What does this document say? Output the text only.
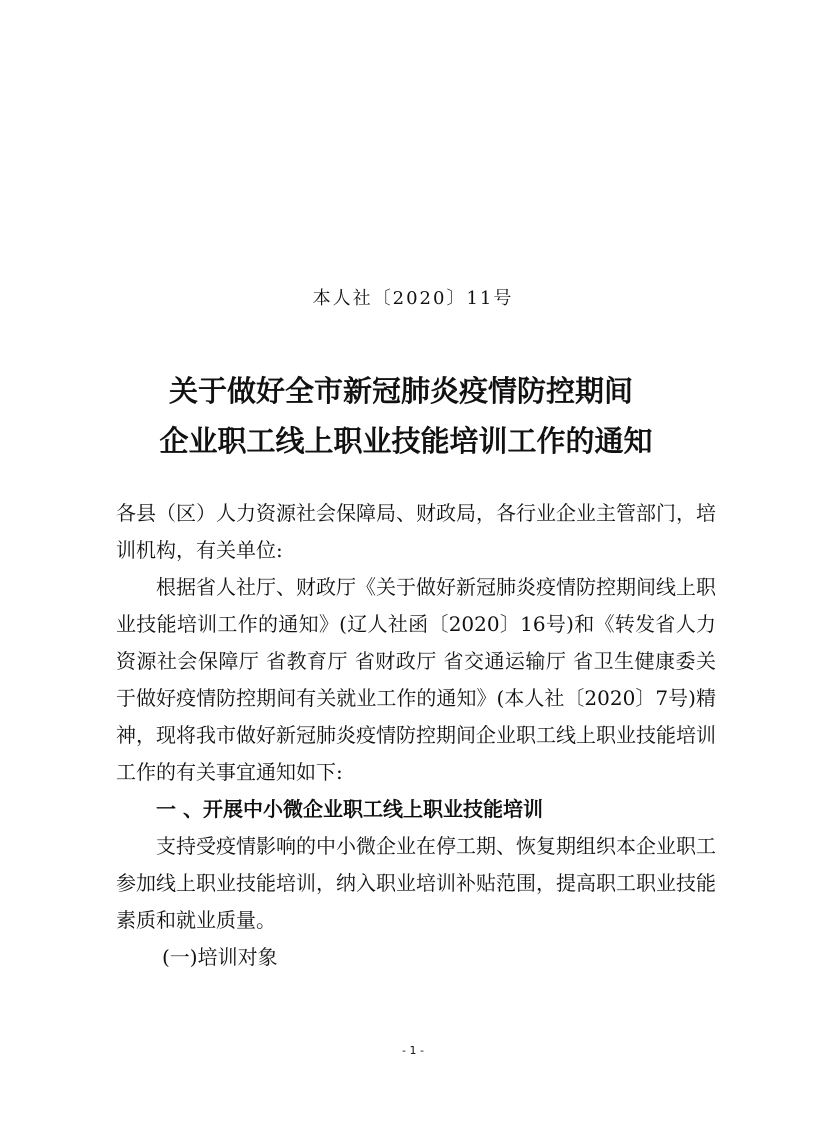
本人社〔2020〕11号

关于做好全市新冠肺炎疫情防控期间
企业职工线上职业技能培训工作的通知

各县（区）人力资源社会保障局、财政局，各行业企业主管部门，培训机构，有关单位:

根据省人社厅、财政厅《关于做好新冠肺炎疫情防控期间线上职业技能培训工作的通知》(辽人社函〔2020〕16号)和《转发省人力资源社会保障厅 省教育厅 省财政厅 省交通运输厅 省卫生健康委关于做好疫情防控期间有关就业工作的通知》(本人社〔2020〕7号)精神，现将我市做好新冠肺炎疫情防控期间企业职工线上职业技能培训工作的有关事宜通知如下:

一 、开展中小微企业职工线上职业技能培训

支持受疫情影响的中小微企业在停工期、恢复期组织本企业职工参加线上职业技能培训，纳入职业培训补贴范围，提高职工职业技能素质和就业质量。

(一)培训对象

- 1 -
